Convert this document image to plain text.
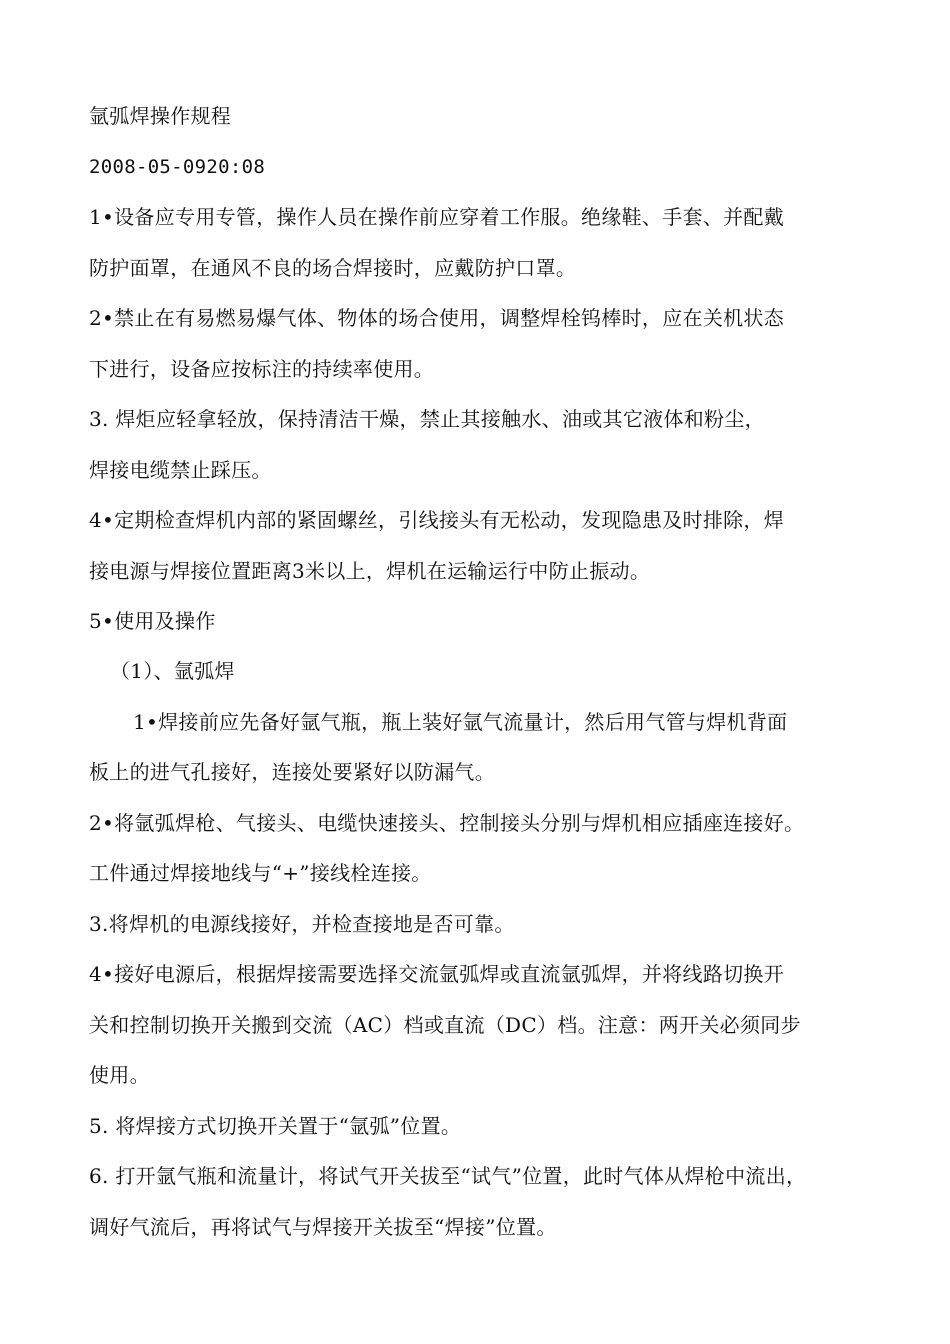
氩弧焊操作规程
2008-05-0920:08
1•设备应专用专管，操作人员在操作前应穿着工作服。绝缘鞋、手套、并配戴
防护面罩，在通风不良的场合焊接时，应戴防护口罩。
2•禁止在有易燃易爆气体、物体的场合使用，调整焊栓钨棒时，应在关机状态
下进行，设备应按标注的持续率使用。
3. 焊炬应轻拿轻放，保持清洁干燥，禁止其接触水、油或其它液体和粉尘，
焊接电缆禁止踩压。
4•定期检查焊机内部的紧固螺丝，引线接头有无松动，发现隐患及时排除，焊
接电源与焊接位置距离3米以上，焊机在运输运行中防止振动。
5•使用及操作
（1）、氩弧焊
1•焊接前应先备好氩气瓶，瓶上装好氩气流量计，然后用气管与焊机背面
板上的进气孔接好，连接处要紧好以防漏气。
2•将氩弧焊枪、气接头、电缆快速接头、控制接头分别与焊机相应插座连接好。
工件通过焊接地线与“+”接线栓连接。
3.将焊机的电源线接好，并检查接地是否可靠。
4•接好电源后，根据焊接需要选择交流氩弧焊或直流氩弧焊，并将线路切换开
关和控制切换开关搬到交流（AC）档或直流（DC）档。注意：两开关必须同步
使用。
5. 将焊接方式切换开关置于“氩弧”位置。
6. 打开氩气瓶和流量计，将试气开关拔至“试气”位置，此时气体从焊枪中流出，
调好气流后，再将试气与焊接开关拔至“焊接”位置。
